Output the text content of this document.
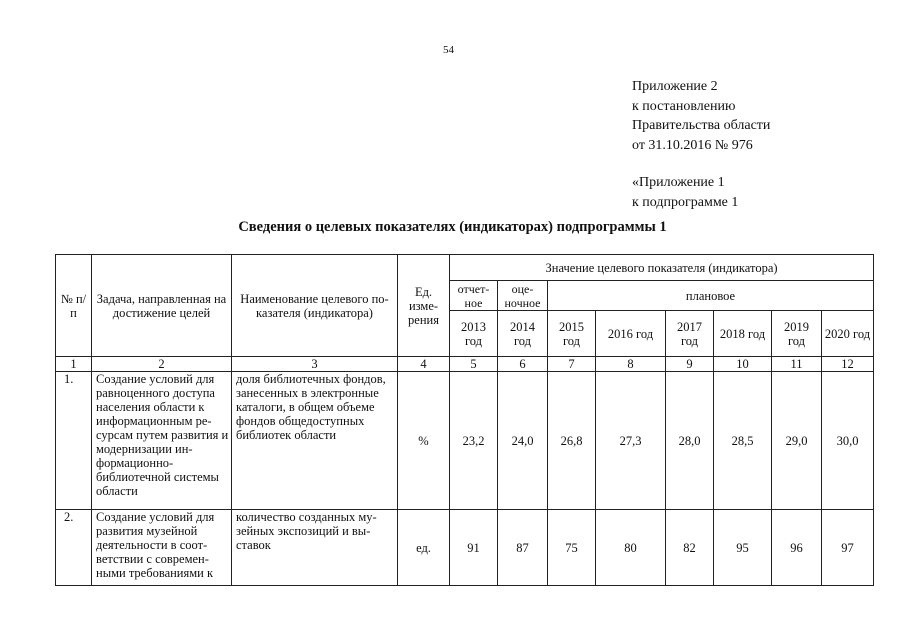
54
Приложение 2
к постановлению
Правительства области
от 31.10.2016 № 976
«Приложение 1
к подпрограмме 1
Сведения о целевых показателях (индикаторах) подпрограммы 1
№ п/п	Задача, направленная на достижение целей	Наименование целевого по-казателя (индикатора)	Ед. изме-рения	Значение целевого показателя (индикатора)							
				отчет-ное	оце-ночное	плановое					
				2013 год	2014 год	2015 год	2016 год	2017 год	2018 год	2019 год	2020 год
1	2	3	4	5	6	7	8	9	10	11	12
1.	Создание условий для равноценного доступа населения области к информационным ре-сурсам путем развития и модернизации ин-формационно-библиотечной системы области	доля библиотечных фондов, занесенных в электронные каталоги, в общем объеме фондов общедоступных библиотек области	%	23,2	24,0	26,8	27,3	28,0	28,5	29,0	30,0
2.	Создание условий для развития музейной деятельности в соот-ветствии с современ-ными требованиями к	количество созданных му-зейных экспозиций и вы-ставок	ед.	91	87	75	80	82	95	96	97
